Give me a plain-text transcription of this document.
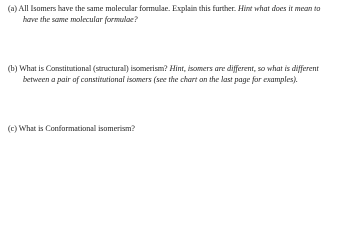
(a) All Isomers have the same molecular formulae. Explain this further. Hint what does it mean to
have the same molecular formulae?
(b) What is Constitutional (structural) isomerism? Hint, isomers are different, so what is different
between a pair of constitutional isomers (see the chart on the last page for examples).
(c) What is Conformational isomerism?
